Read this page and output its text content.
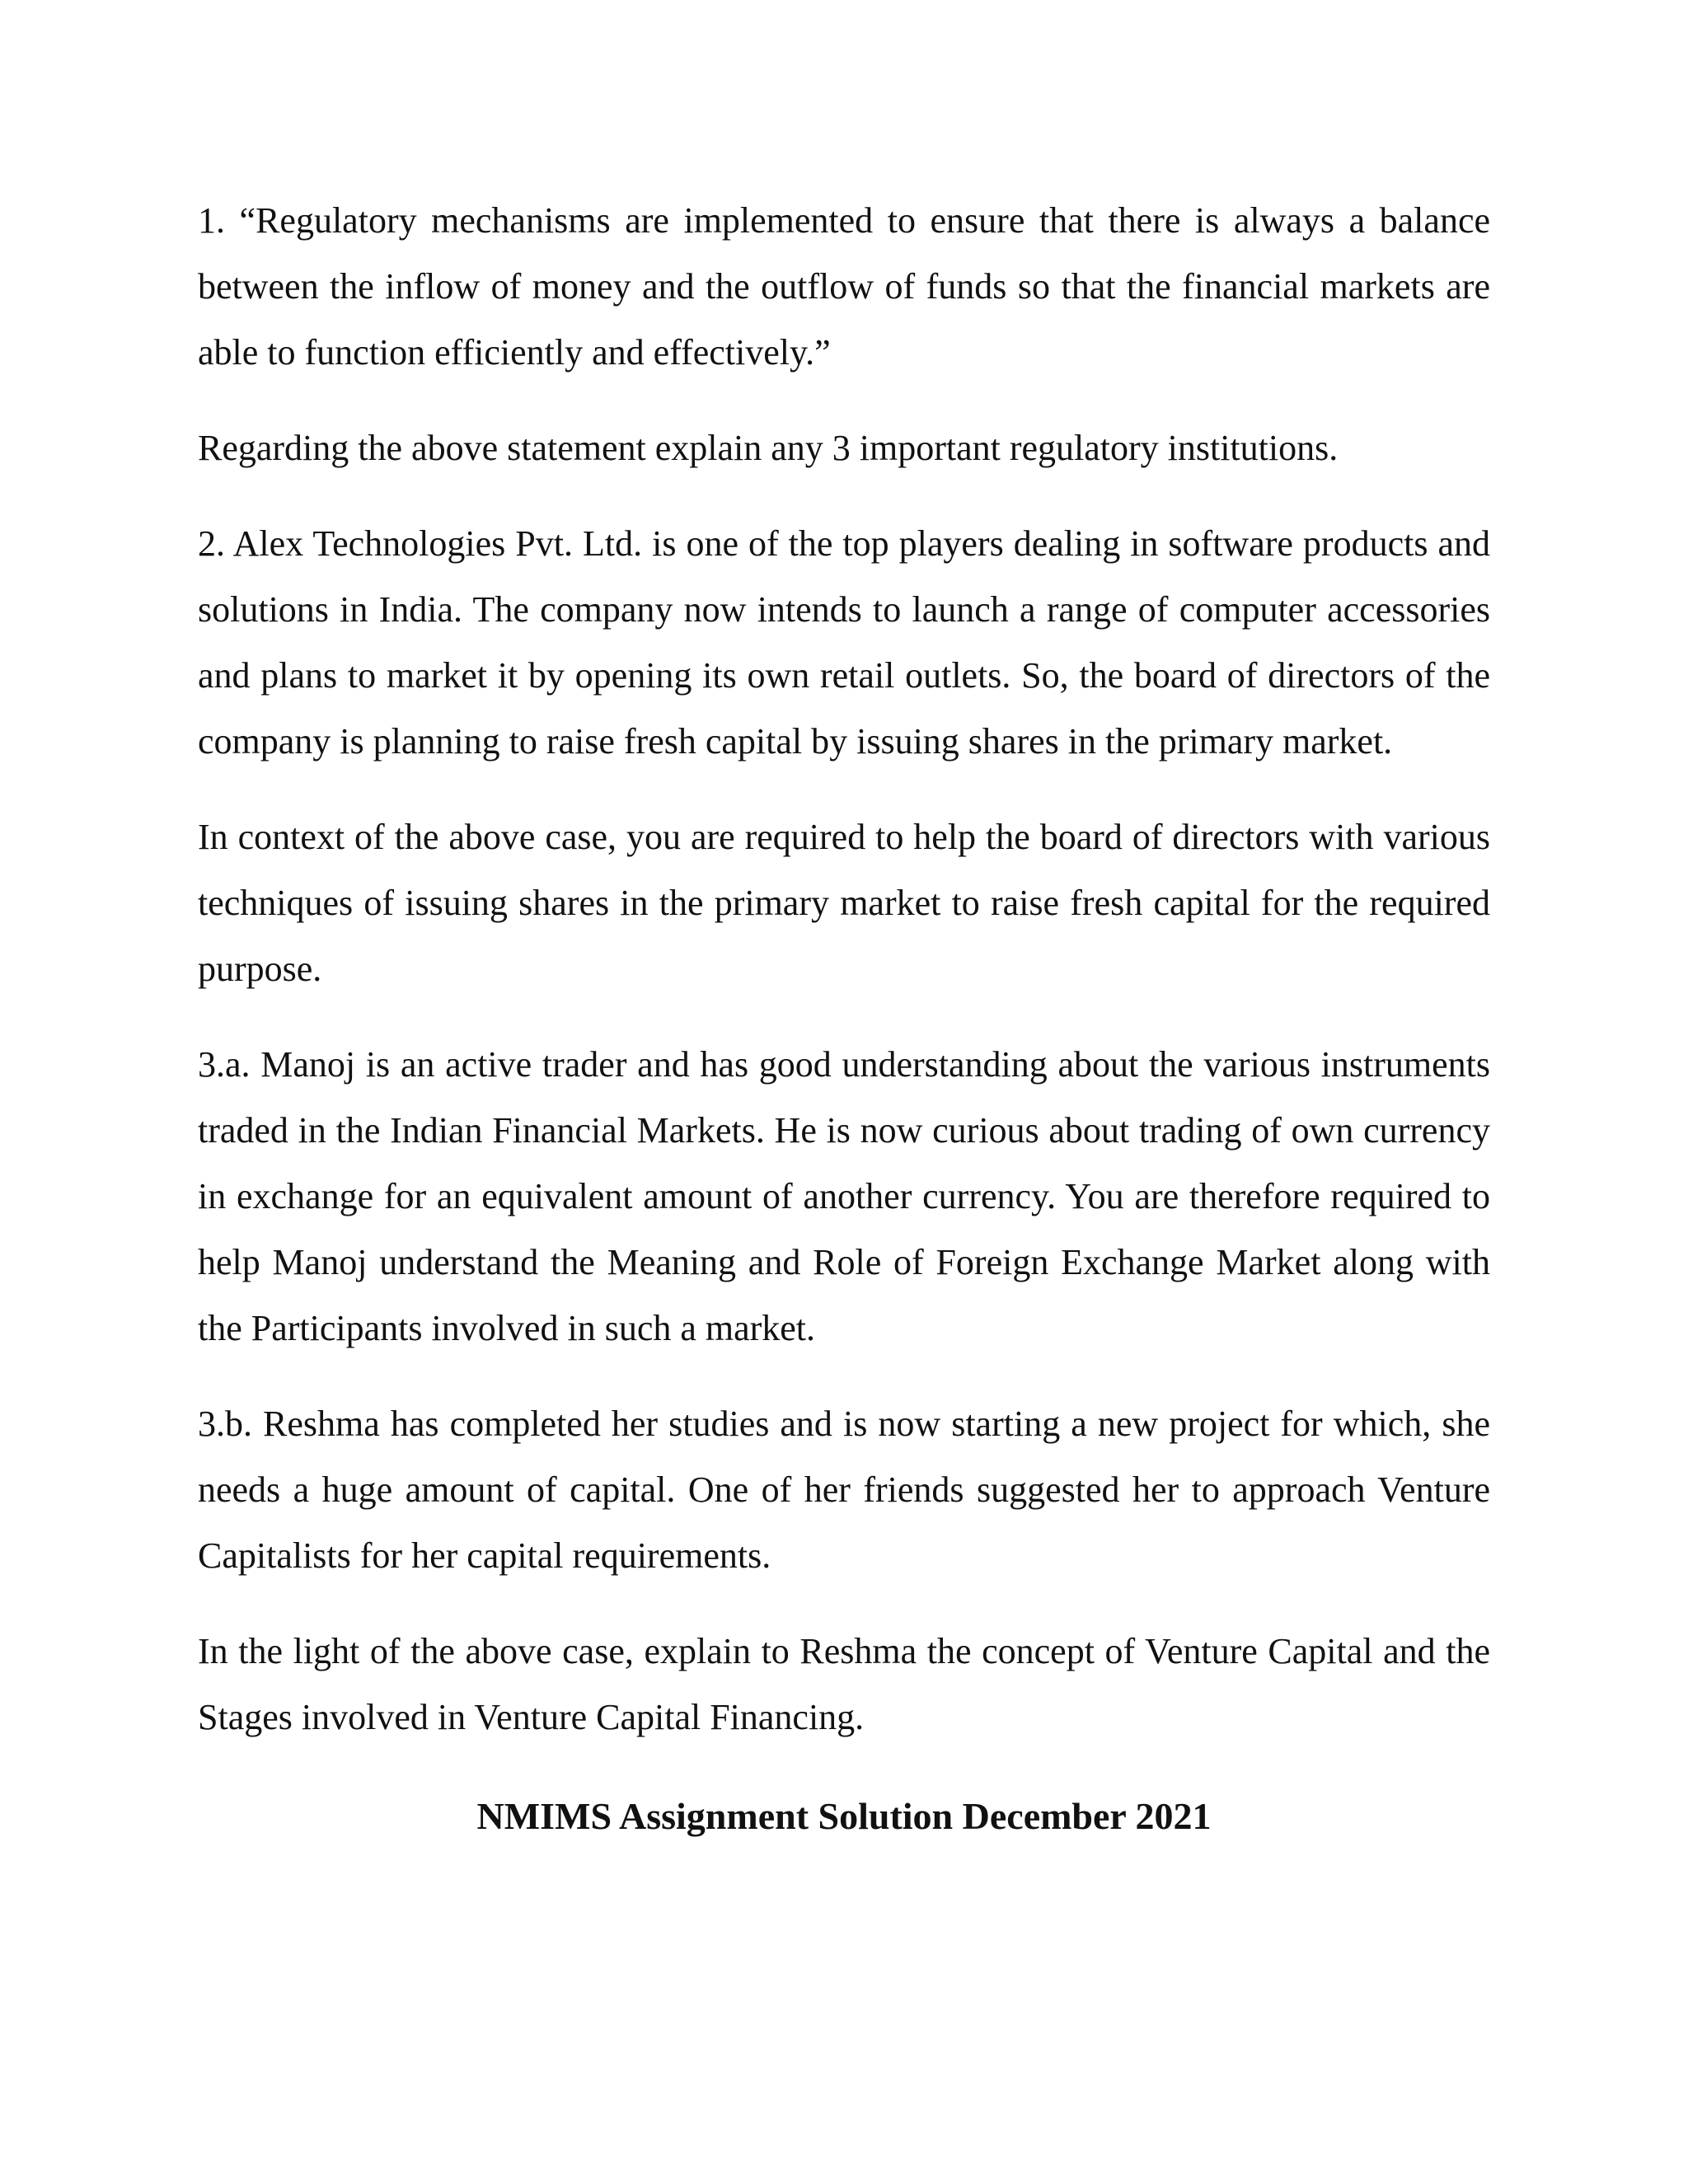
1. “Regulatory mechanisms are implemented to ensure that there is always a balance between the inflow of money and the outflow of funds so that the financial markets are able to function efficiently and effectively.”

Regarding the above statement explain any 3 important regulatory institutions.

2. Alex Technologies Pvt. Ltd. is one of the top players dealing in software products and solutions in India. The company now intends to launch a range of computer accessories and plans to market it by opening its own retail outlets. So, the board of directors of the company is planning to raise fresh capital by issuing shares in the primary market.

In context of the above case, you are required to help the board of directors with various techniques of issuing shares in the primary market to raise fresh capital for the required purpose.

3.a. Manoj is an active trader and has good understanding about the various instruments traded in the Indian Financial Markets. He is now curious about trading of own currency in exchange for an equivalent amount of another currency. You are therefore required to help Manoj understand the Meaning and Role of Foreign Exchange Market along with the Participants involved in such a market.

3.b. Reshma has completed her studies and is now starting a new project for which, she needs a huge amount of capital. One of her friends suggested her to approach Venture Capitalists for her capital requirements.

In the light of the above case, explain to Reshma the concept of Venture Capital and the Stages involved in Venture Capital Financing.

NMIMS Assignment Solution December 2021
